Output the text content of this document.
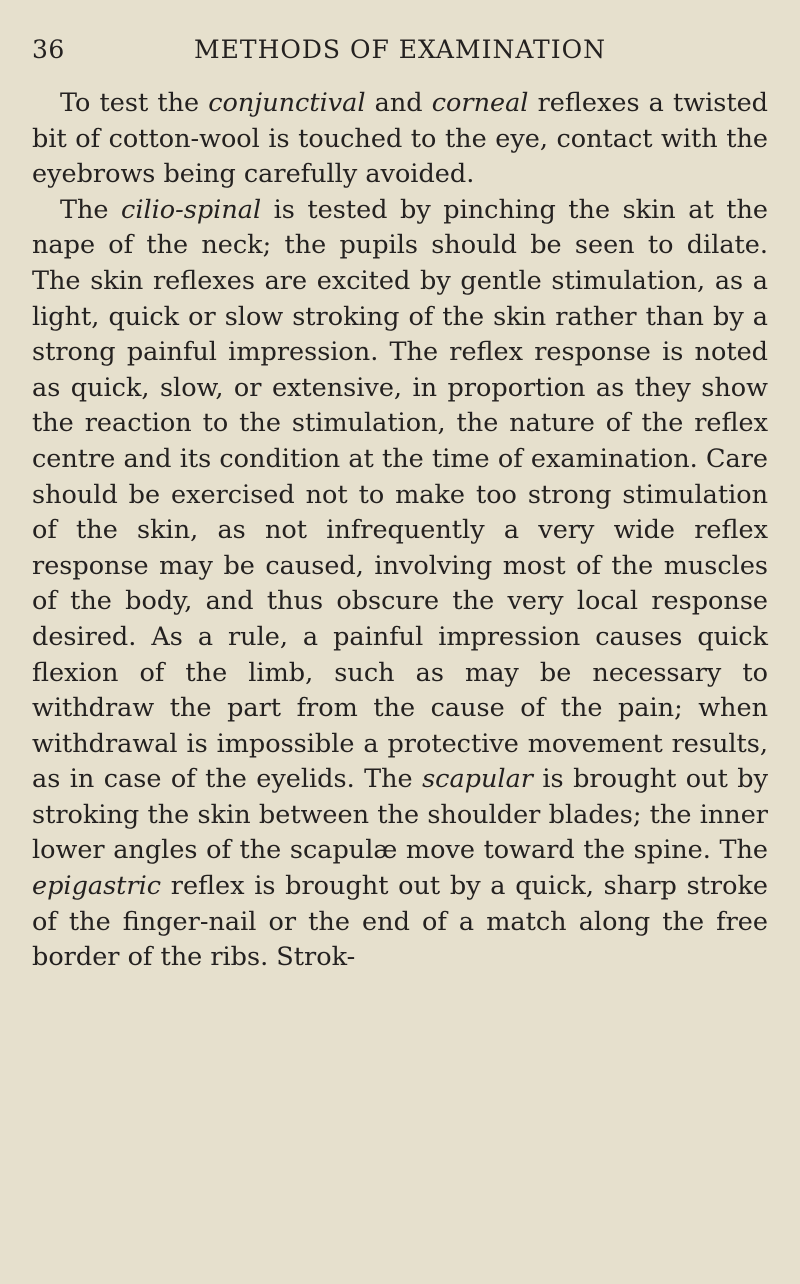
36	METHODS OF EXAMINATION

To test the conjunctival and corneal reflexes a twisted bit of cotton-wool is touched to the eye, contact with the eyebrows being carefully avoided.

The cilio-spinal is tested by pinching the skin at the nape of the neck; the pupils should be seen to dilate. The skin reflexes are excited by gentle stimulation, as a light, quick or slow stroking of the skin rather than by a strong painful impression. The reflex response is noted as quick, slow, or extensive, in proportion as they show the reaction to the stimulation, the nature of the reflex centre and its condition at the time of examination. Care should be exercised not to make too strong stimulation of the skin, as not infrequently a very wide reflex response may be caused, involving most of the muscles of the body, and thus obscure the very local response desired. As a rule, a painful impression causes quick flexion of the limb, such as may be necessary to withdraw the part from the cause of the pain; when withdrawal is impossible a protective movement results, as in case of the eyelids. The scapular is brought out by stroking the skin between the shoulder blades; the inner lower angles of the scapulæ move toward the spine. The epigastric reflex is brought out by a quick, sharp stroke of the finger-nail or the end of a match along the free border of the ribs. Strok-
